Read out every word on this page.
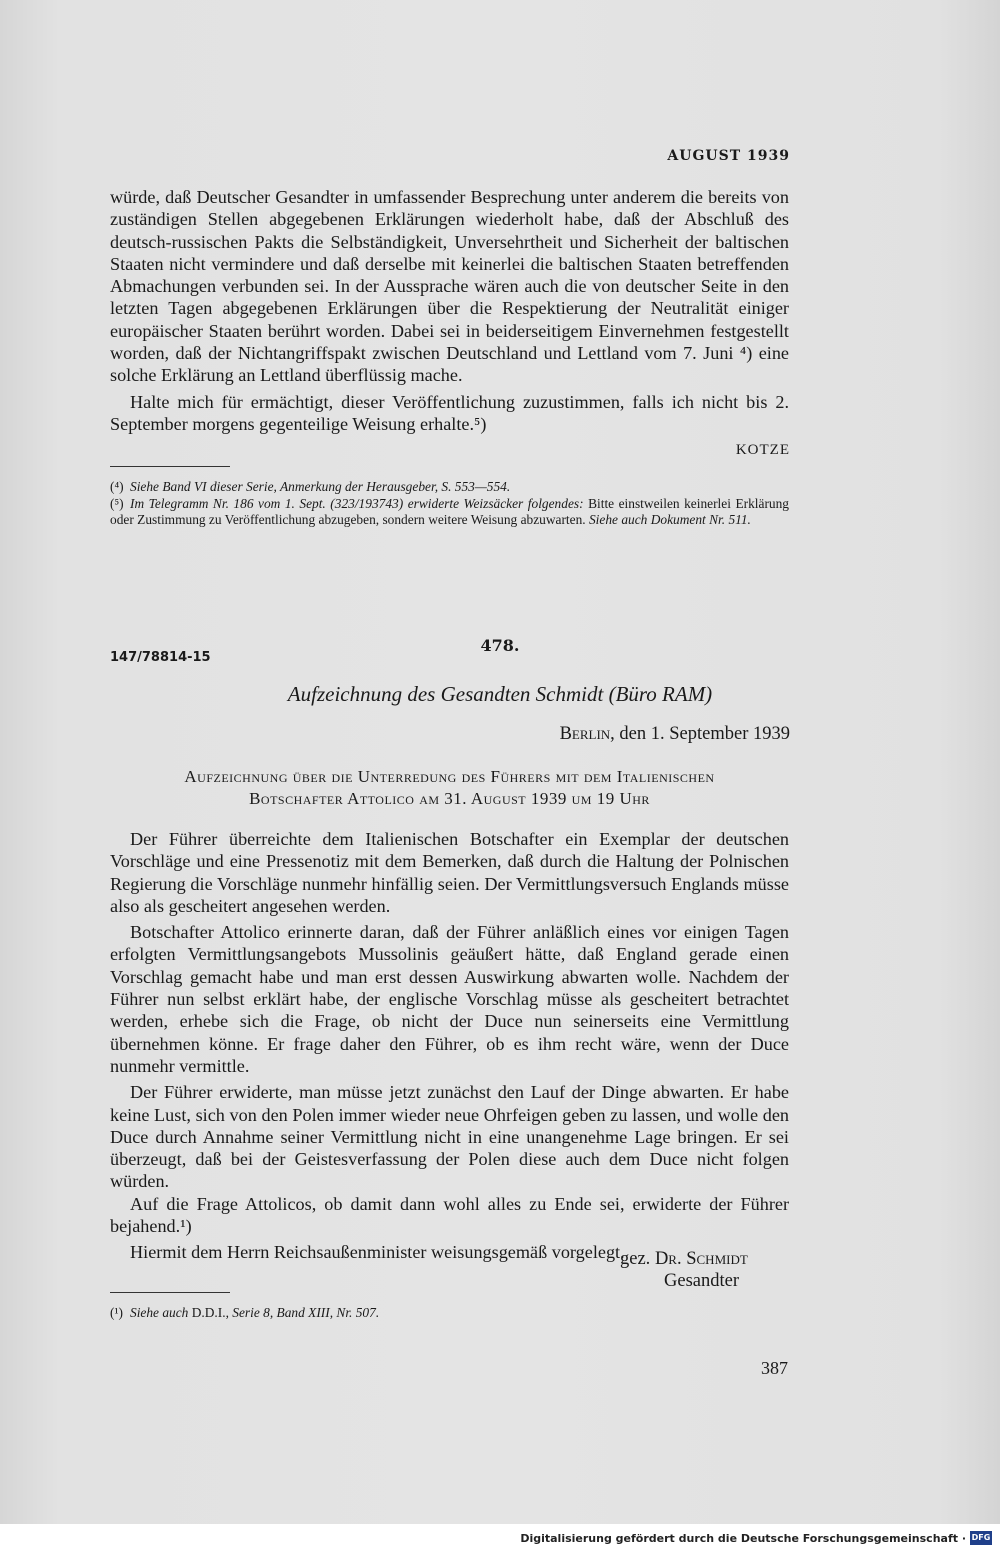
AUGUST 1939

würde, daß Deutscher Gesandter in umfassender Besprechung unter anderem die bereits von zuständigen Stellen abgegebenen Erklärungen wiederholt habe, daß der Abschluß des deutsch-russischen Pakts die Selbständigkeit, Unversehrtheit und Sicherheit der baltischen Staaten nicht vermindere und daß derselbe mit keinerlei die baltischen Staaten betreffenden Abmachungen verbunden sei. In der Aussprache wären auch die von deutscher Seite in den letzten Tagen abgegebenen Erklärungen über die Respektierung der Neutralität einiger europäischer Staaten berührt worden. Dabei sei in beiderseitigem Einvernehmen festgestellt worden, daß der Nichtangriffspakt zwischen Deutschland und Lettland vom 7. Juni ⁴) eine solche Erklärung an Lettland überflüssig mache.

Halte mich für ermächtigt, dieser Veröffentlichung zuzustimmen, falls ich nicht bis 2. September morgens gegenteilige Weisung erhalte.⁵)

KOTZE

(⁴) Siehe Band VI dieser Serie, Anmerkung der Herausgeber, S. 553—554.

(⁵) Im Telegramm Nr. 186 vom 1. Sept. (323/193743) erwiderte Weizsäcker folgendes: Bitte einstweilen keinerlei Erklärung oder Zustimmung zu Veröffentlichung abzugeben, sondern weitere Weisung abzuwarten. Siehe auch Dokument Nr. 511.

478.
147/78814-15
Aufzeichnung des Gesandten Schmidt (Büro RAM)
Berlin, den 1. September 1939
Aufzeichnung über die Unterredung des Führers mit dem Italienischen
Botschafter Attolico am 31. August 1939 um 19 Uhr

Der Führer überreichte dem Italienischen Botschafter ein Exemplar der deutschen Vorschläge und eine Pressenotiz mit dem Bemerken, daß durch die Haltung der Polnischen Regierung die Vorschläge nunmehr hinfällig seien. Der Vermittlungsversuch Englands müsse also als gescheitert angesehen werden.

Botschafter Attolico erinnerte daran, daß der Führer anläßlich eines vor einigen Tagen erfolgten Vermittlungsangebots Mussolinis geäußert hätte, daß England gerade einen Vorschlag gemacht habe und man erst dessen Auswirkung abwarten wolle. Nachdem der Führer nun selbst erklärt habe, der englische Vorschlag müsse als gescheitert betrachtet werden, erhebe sich die Frage, ob nicht der Duce nun seinerseits eine Vermittlung übernehmen könne. Er frage daher den Führer, ob es ihm recht wäre, wenn der Duce nunmehr vermittle.

Der Führer erwiderte, man müsse jetzt zunächst den Lauf der Dinge abwarten. Er habe keine Lust, sich von den Polen immer wieder neue Ohrfeigen geben zu lassen, und wolle den Duce durch Annahme seiner Vermittlung nicht in eine unangenehme Lage bringen. Er sei überzeugt, daß bei der Geistesverfassung der Polen diese auch dem Duce nicht folgen würden.

Auf die Frage Attolicos, ob damit dann wohl alles zu Ende sei, erwiderte der Führer bejahend.¹)

Hiermit dem Herrn Reichsaußenminister weisungsgemäß vorgelegt.

gez. Dr. Schmidt
Gesandter

(¹) Siehe auch D.D.I., Serie 8, Band XIII, Nr. 507.

387
Digitalisierung gefördert durch die Deutsche Forschungsgemeinschaft · DFG
